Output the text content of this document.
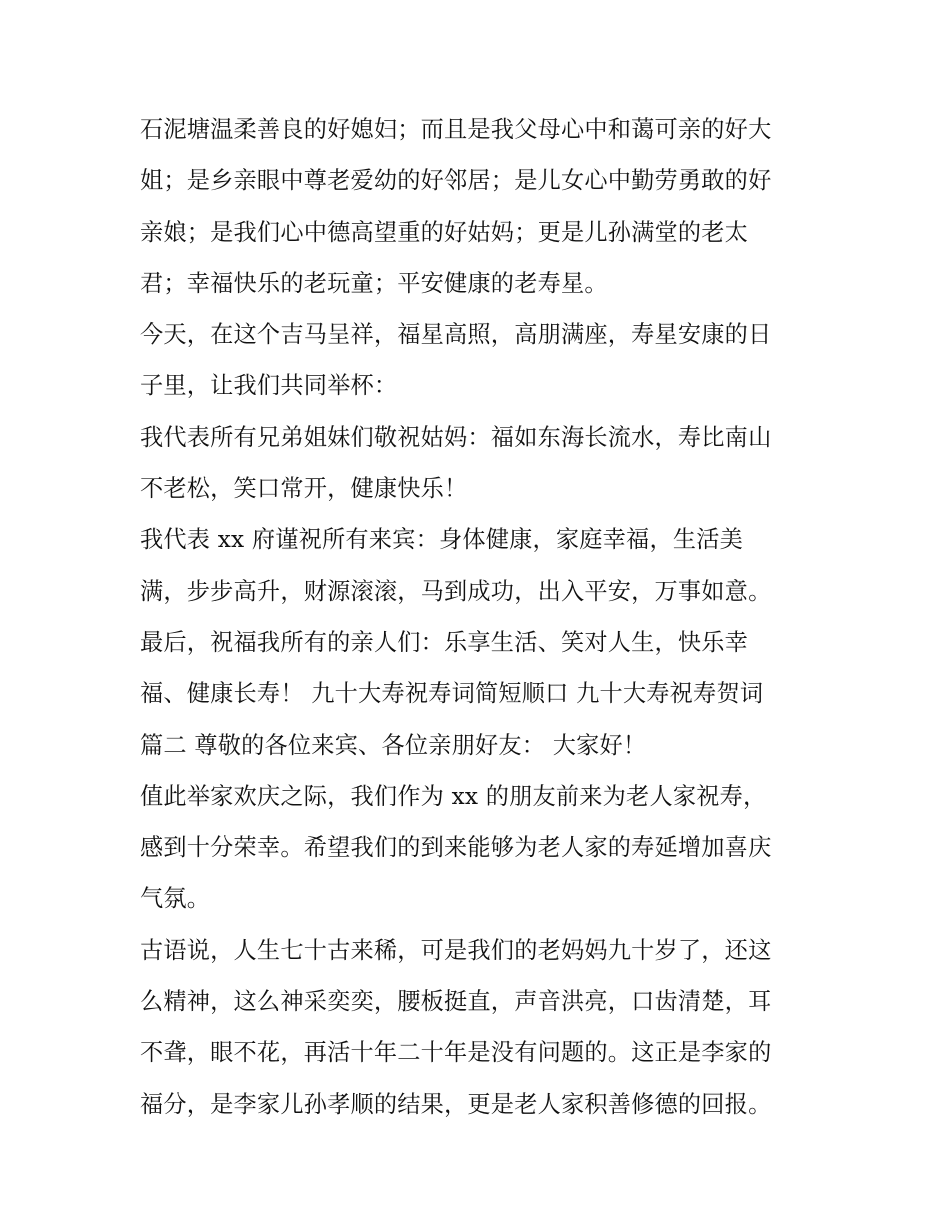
石泥塘温柔善良的好媳妇；而且是我父母心中和蔼可亲的好大
姐；是乡亲眼中尊老爱幼的好邻居；是儿女心中勤劳勇敢的好
亲娘；是我们心中德高望重的好姑妈；更是儿孙满堂的老太
君；幸福快乐的老玩童；平安健康的老寿星。
今天，在这个吉马呈祥，福星高照，高朋满座，寿星安康的日
子里，让我们共同举杯：
我代表所有兄弟姐妹们敬祝姑妈：福如东海长流水，寿比南山
不老松，笑口常开，健康快乐！
我代表 xx 府谨祝所有来宾：身体健康，家庭幸福，生活美
满，步步高升，财源滚滚，马到成功，出入平安，万事如意。
最后，祝福我所有的亲人们：乐享生活、笑对人生，快乐幸
福、健康长寿！ 九十大寿祝寿词简短顺口 九十大寿祝寿贺词
篇二 尊敬的各位来宾、各位亲朋好友： 大家好！
值此举家欢庆之际，我们作为 xx 的朋友前来为老人家祝寿，
感到十分荣幸。希望我们的到来能够为老人家的寿延增加喜庆
气氛。
古语说，人生七十古来稀，可是我们的老妈妈九十岁了，还这
么精神，这么神采奕奕，腰板挺直，声音洪亮，口齿清楚，耳
不聋，眼不花，再活十年二十年是没有问题的。这正是李家的
福分，是李家儿孙孝顺的结果，更是老人家积善修德的回报。
